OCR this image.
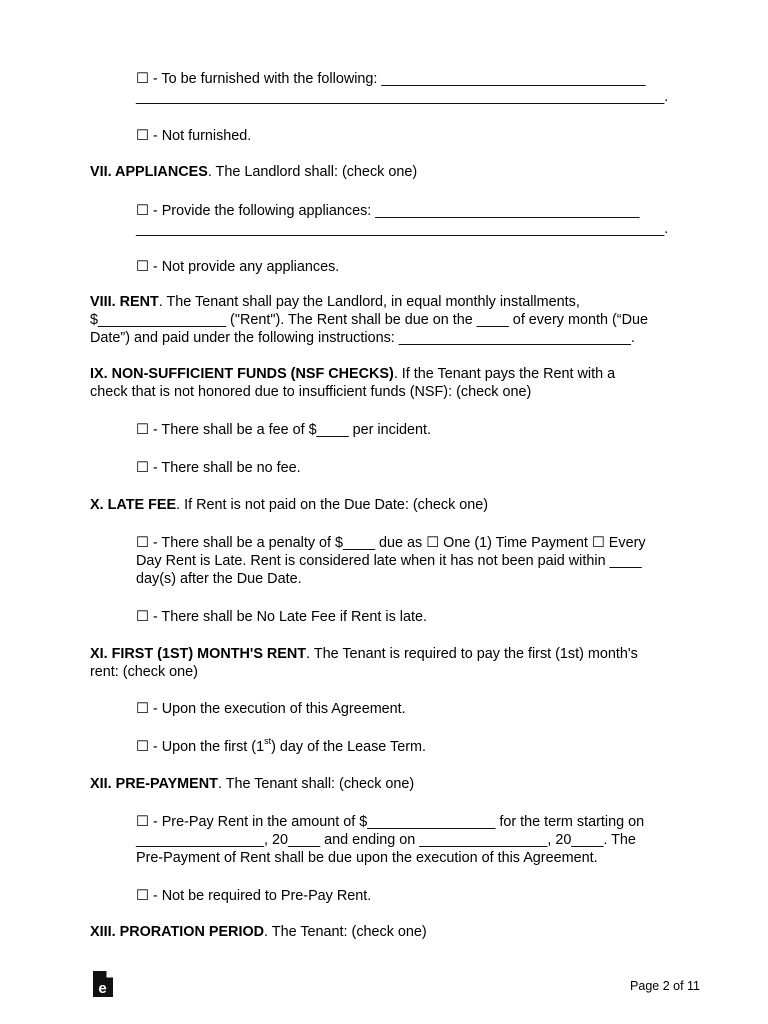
☐ - To be furnished with the following: _________________________________

__________________________________________________________________.

☐ - Not furnished.

VII. APPLIANCES. The Landlord shall: (check one)

☐ - Provide the following appliances: _________________________________

__________________________________________________________________.

☐ - Not provide any appliances.

VIII. RENT. The Tenant shall pay the Landlord, in equal monthly installments,
$________________ ("Rent"). The Rent shall be due on the ____ of every month (“Due
Date”) and paid under the following instructions: _____________________________.
IX. NON-SUFFICIENT FUNDS (NSF CHECKS). If the Tenant pays the Rent with a
check that is not honored due to insufficient funds (NSF): (check one)

☐ - There shall be a fee of $____ per incident.

☐ - There shall be no fee.

X. LATE FEE. If Rent is not paid on the Due Date: (check one)

☐ - There shall be a penalty of $____ due as ☐ One (1) Time Payment ☐ Every
Day Rent is Late. Rent is considered late when it has not been paid within ____
day(s) after the Due Date.

☐ - There shall be No Late Fee if Rent is late.

XI. FIRST (1ST) MONTH'S RENT. The Tenant is required to pay the first (1st) month's
rent: (check one)

☐ - Upon the execution of this Agreement.

☐ - Upon the first (1st) day of the Lease Term.

XII. PRE-PAYMENT. The Tenant shall: (check one)

☐ - Pre-Pay Rent in the amount of $________________ for the term starting on
________________, 20____ and ending on ________________, 20____. The
Pre-Payment of Rent shall be due upon the execution of this Agreement.

☐ - Not be required to Pre-Pay Rent.

XIII. PRORATION PERIOD. The Tenant: (check one)

e	Page 2 of 11
